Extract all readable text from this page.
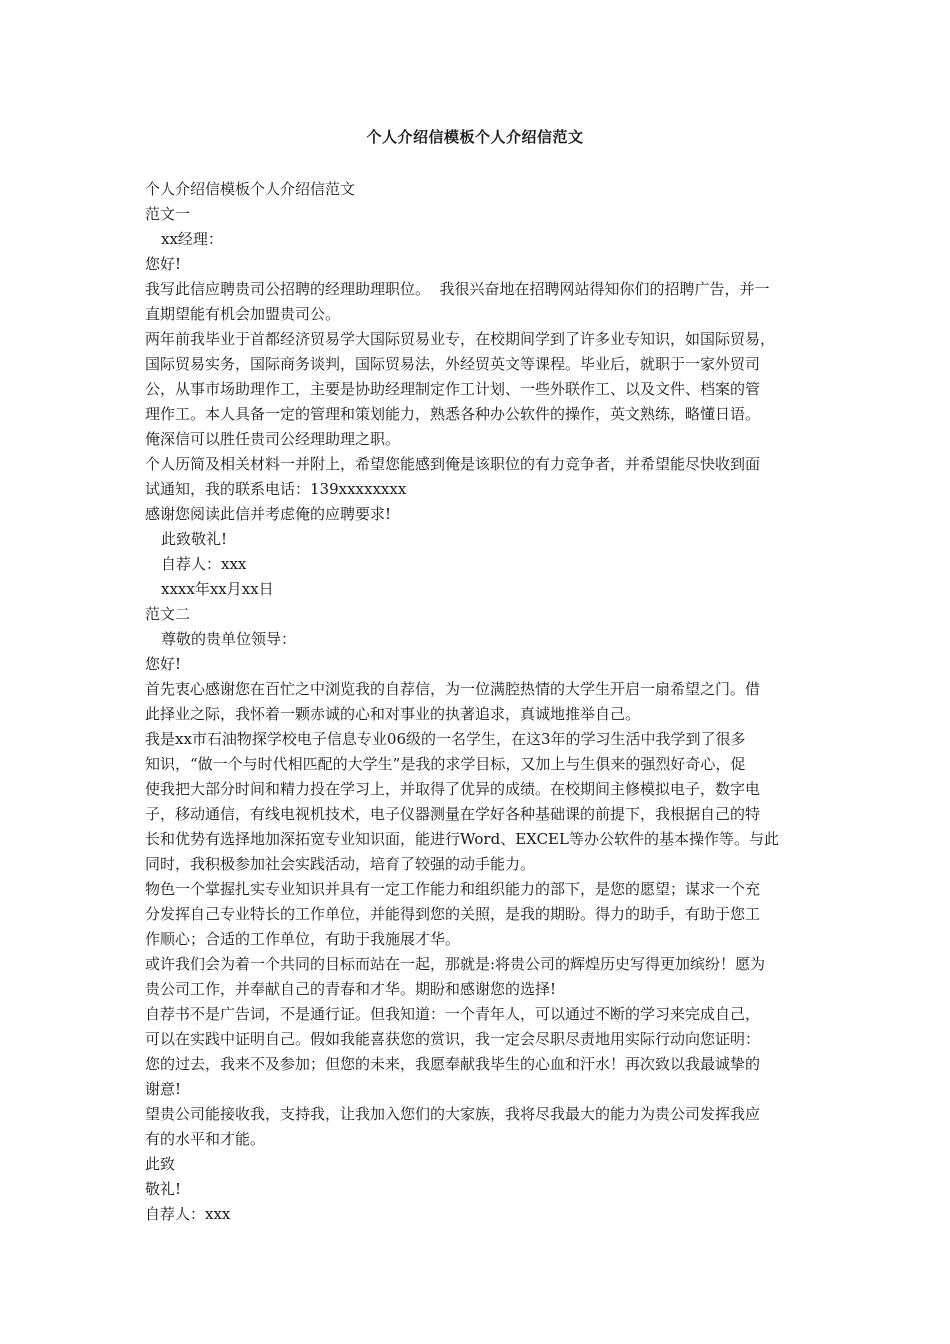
个人介绍信模板个人介绍信范文

个人介绍信模板个人介绍信范文

范文一

xx经理：

您好!

我写此信应聘贵司公招聘的经理助理职位。  我很兴奋地在招聘网站得知你们的招聘广告，并一

直期望能有机会加盟贵司公。

两年前我毕业于首都经济贸易学大国际贸易业专，在校期间学到了许多业专知识，如国际贸易，

国际贸易实务，国际商务谈判，国际贸易法，外经贸英文等课程。毕业后，就职于一家外贸司

公，从事市场助理作工，主要是协助经理制定作工计划、一些外联作工、以及文件、档案的管

理作工。本人具备一定的管理和策划能力，熟悉各种办公软件的操作，英文熟练，略懂日语。

俺深信可以胜任贵司公经理助理之职。

个人历简及相关材料一并附上，希望您能感到俺是该职位的有力竞争者，并希望能尽快收到面

试通知，我的联系电话：139xxxxxxxx

感谢您阅读此信并考虑俺的应聘要求!

此致敬礼!

自荐人：xxx

xxxx年xx月xx日

范文二

尊敬的贵单位领导：

您好!

首先衷心感谢您在百忙之中浏览我的自荐信，为一位满腔热情的大学生开启一扇希望之门。借

此择业之际，我怀着一颗赤诚的心和对事业的执著追求，真诚地推举自己。

我是xx市石油物探学校电子信息专业06级的一名学生，在这3年的学习生活中我学到了很多

知识，“做一个与时代相匹配的大学生”是我的求学目标，又加上与生俱来的强烈好奇心，促

使我把大部分时间和精力投在学习上，并取得了优异的成绩。在校期间主修模拟电子，数字电

子，移动通信，有线电视机技术，电子仪器测量在学好各种基础课的前提下，我根据自己的特

长和优势有选择地加深拓宽专业知识面，能进行Word、EXCEL等办公软件的基本操作等。与此

同时，我积极参加社会实践活动，培育了较强的动手能力。

物色一个掌握扎实专业知识并具有一定工作能力和组织能力的部下，是您的愿望；谋求一个充

分发挥自己专业特长的工作单位，并能得到您的关照，是我的期盼。得力的助手，有助于您工

作顺心；合适的工作单位，有助于我施展才华。

或许我们会为着一个共同的目标而站在一起，那就是:将贵公司的辉煌历史写得更加缤纷！愿为

贵公司工作，并奉献自己的青春和才华。期盼和感谢您的选择!

自荐书不是广告词，不是通行证。但我知道：一个青年人，可以通过不断的学习来完成自己，

可以在实践中证明自己。假如我能喜获您的赏识，我一定会尽职尽责地用实际行动向您证明：

您的过去，我来不及参加；但您的未来，我愿奉献我毕生的心血和汗水！再次致以我最诚挚的

谢意!

望贵公司能接收我，支持我，让我加入您们的大家族，我将尽我最大的能力为贵公司发挥我应

有的水平和才能。

此致

敬礼!

自荐人：xxx
